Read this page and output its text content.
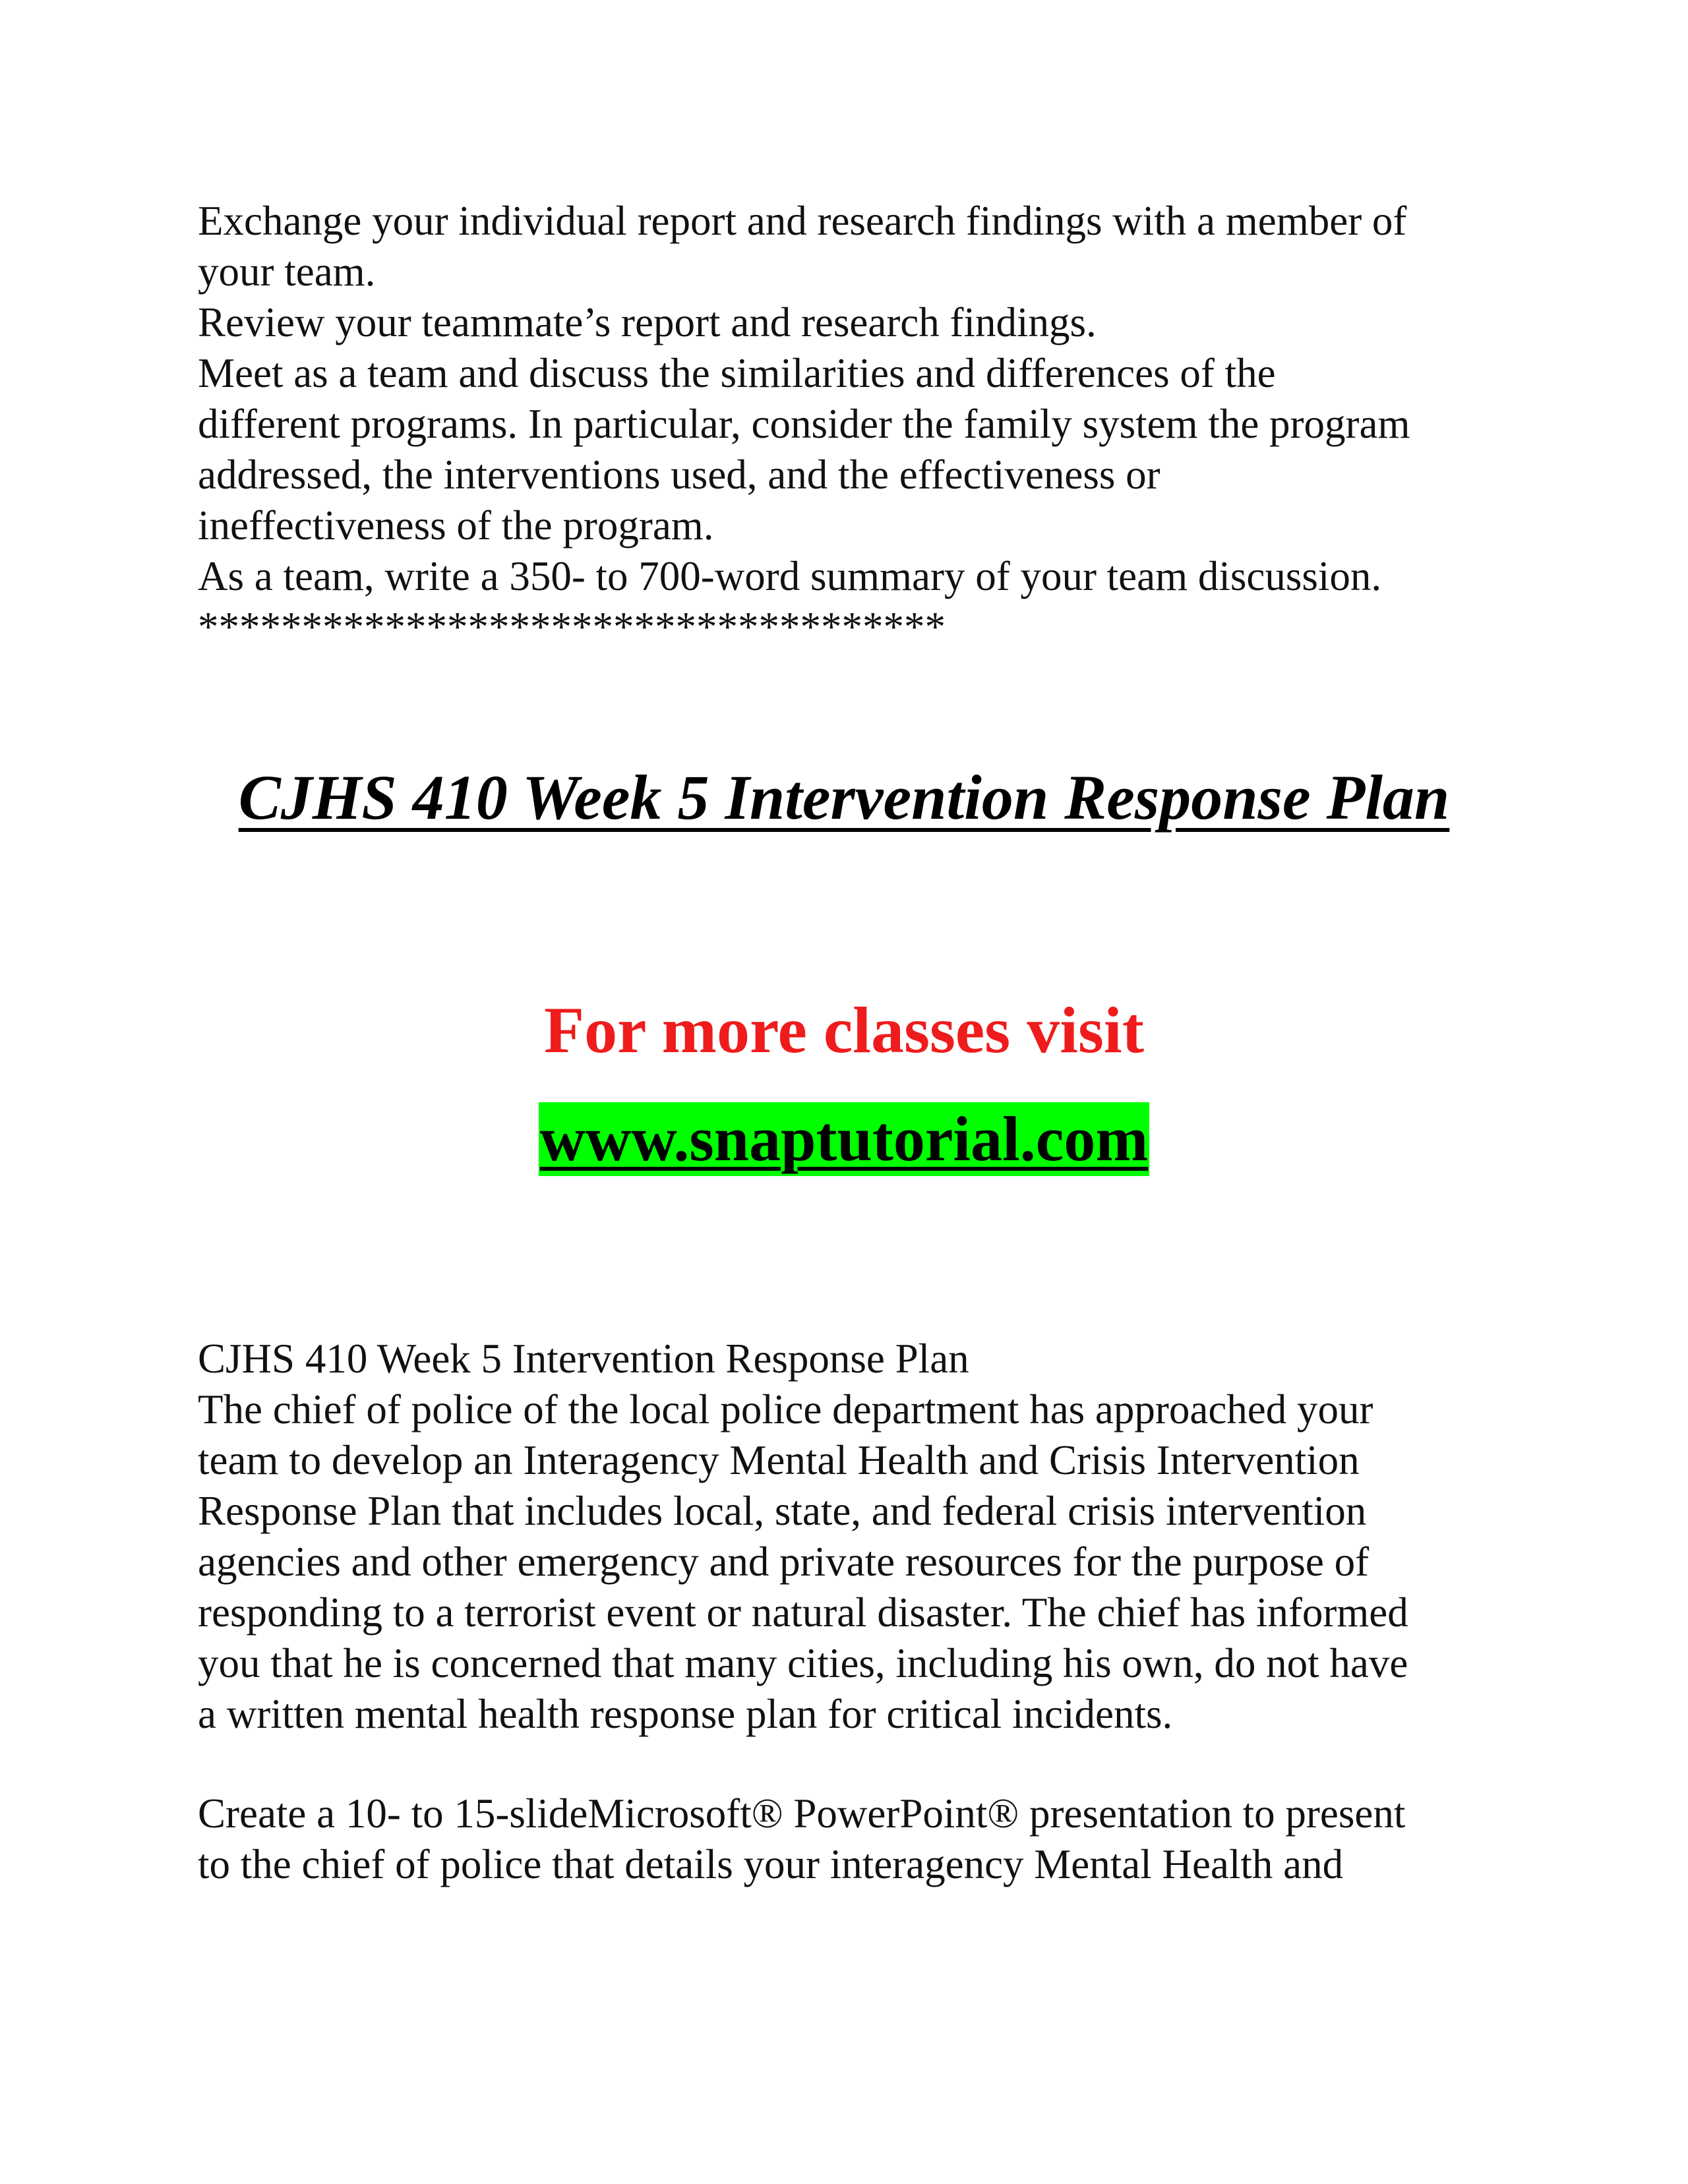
Exchange your individual report and research findings with a member of
your team.
Review your teammate’s report and research findings.
Meet as a team and discuss the similarities and differences of the
different programs. In particular, consider the family system the program
addressed, the interventions used, and the effectiveness or
ineffectiveness of the program.
As a team, write a 350- to 700-word summary of your team discussion.
************************************
CJHS 410 Week 5 Intervention Response Plan
For more classes visit
www.snaptutorial.com
CJHS 410 Week 5 Intervention Response Plan
The chief of police of the local police department has approached your
team to develop an Interagency Mental Health and Crisis Intervention
Response Plan that includes local, state, and federal crisis intervention
agencies and other emergency and private resources for the purpose of
responding to a terrorist event or natural disaster. The chief has informed
you that he is concerned that many cities, including his own, do not have
a written mental health response plan for critical incidents.
Create a 10- to 15-slideMicrosoft® PowerPoint® presentation to present
to the chief of police that details your interagency Mental Health and
